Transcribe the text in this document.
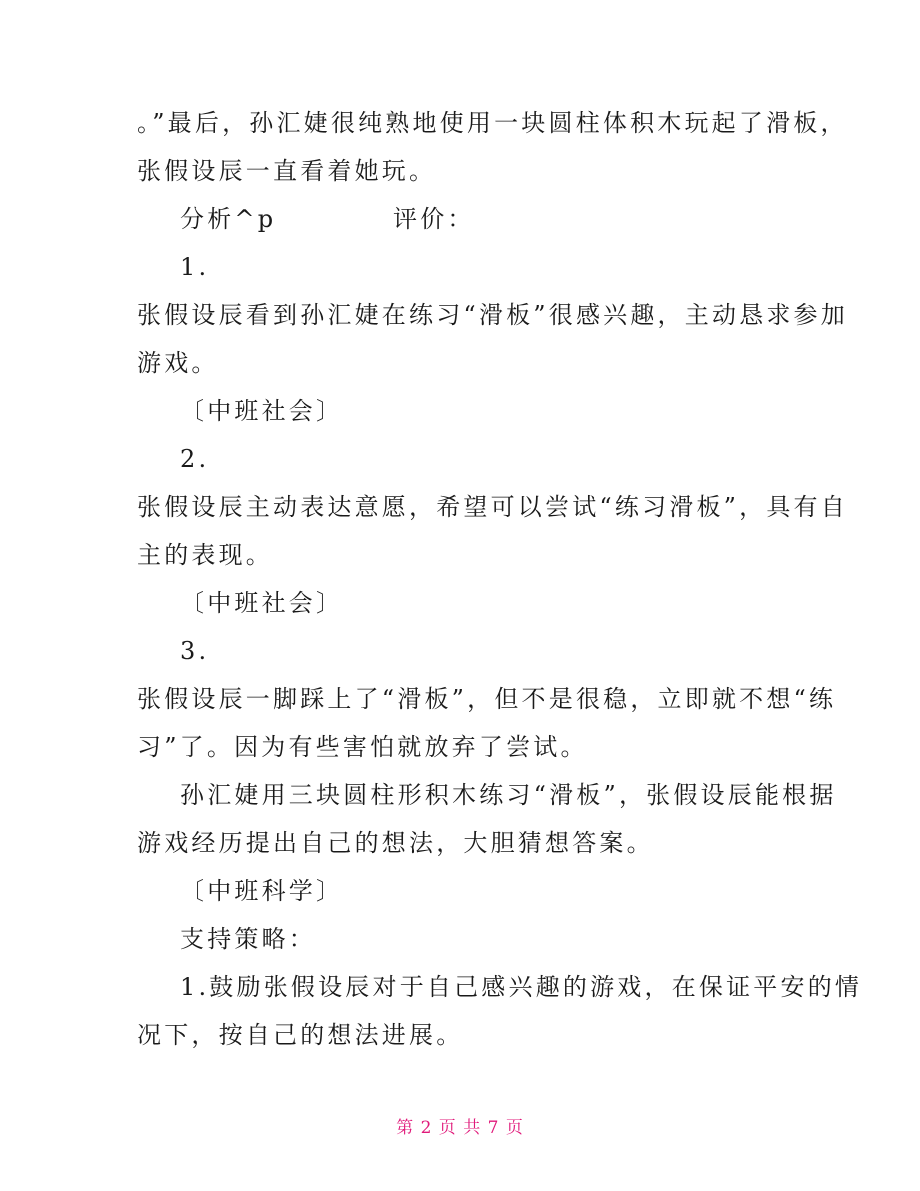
。”最后，孙汇婕很纯熟地使用一块圆柱体积木玩起了滑板，
张假设辰一直看着她玩。
分析^p	评价：
1.
张假设辰看到孙汇婕在练习“滑板”很感兴趣，主动恳求参加
游戏。
〔中班社会〕
2.
张假设辰主动表达意愿，希望可以尝试“练习滑板”，具有自
主的表现。
〔中班社会〕
3.
张假设辰一脚踩上了“滑板”，但不是很稳，立即就不想“练
习”了。因为有些害怕就放弃了尝试。
孙汇婕用三块圆柱形积木练习“滑板”，张假设辰能根据
游戏经历提出自己的想法，大胆猜想答案。
〔中班科学〕
支持策略：
1.鼓励张假设辰对于自己感兴趣的游戏，在保证平安的情
况下，按自己的想法进展。
第 2 页 共 7 页
